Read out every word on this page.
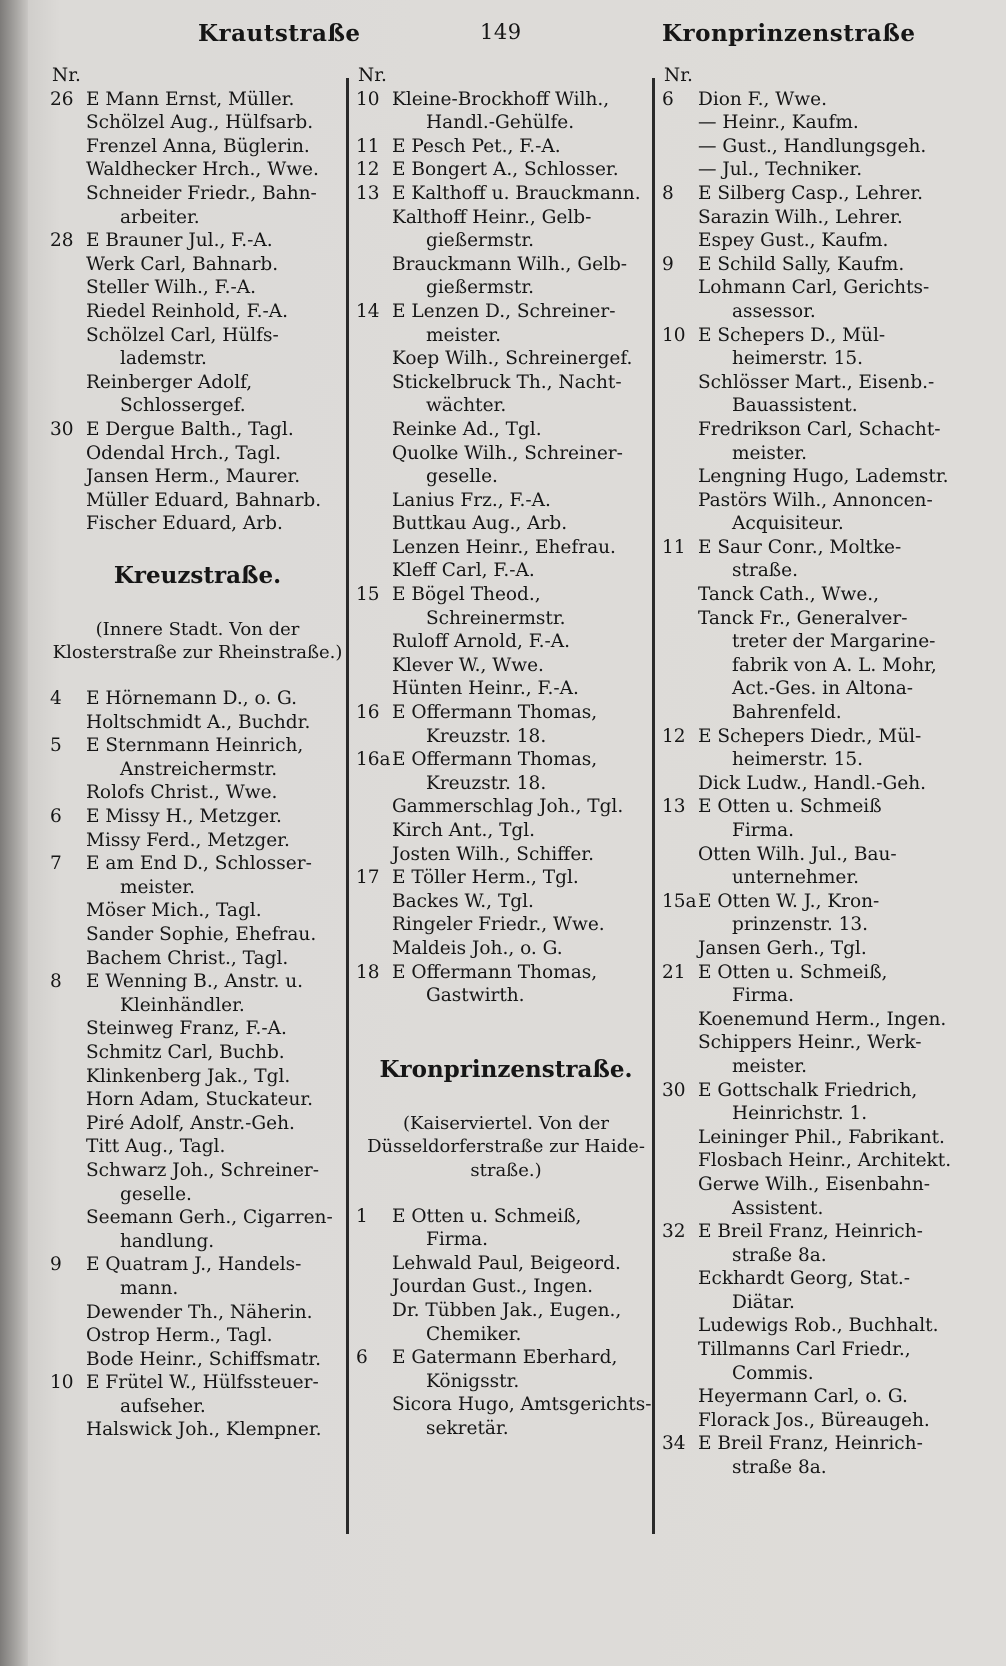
Krautstraße	149	Kronprinzenstraße
Nr.
26 E Mann Ernst, Müller.
Schölzel Aug., Hülfsarb.
Frenzel Anna, Büglerin.
Waldhecker Hrch., Wwe.
Schneider Friedr., Bahn-
arbeiter.
28 E Brauner Jul., F.-A.
Werk Carl, Bahnarb.
Steller Wilh., F.-A.
Riedel Reinhold, F.-A.
Schölzel Carl, Hülfs-
lademstr.
Reinberger Adolf,
Schlossergef.
30 E Dergue Balth., Tagl.
Odendal Hrch., Tagl.
Jansen Herm., Maurer.
Müller Eduard, Bahnarb.
Fischer Eduard, Arb.
Kreuzstraße.
(Innere Stadt. Von der
Klosterstraße zur Rheinstraße.)
4 E Hörnemann D., o. G.
Holtschmidt A., Buchdr.
5 E Sternmann Heinrich,
Anstreichermstr.
Rolofs Christ., Wwe.
6 E Missy H., Metzger.
Missy Ferd., Metzger.
7 E am End D., Schlosser-
meister.
Möser Mich., Tagl.
Sander Sophie, Ehefrau.
Bachem Christ., Tagl.
8 E Wenning B., Anstr. u.
Kleinhändler.
Steinweg Franz, F.-A.
Schmitz Carl, Buchb.
Klinkenberg Jak., Tgl.
Horn Adam, Stuckateur.
Piré Adolf, Anstr.-Geh.
Titt Aug., Tagl.
Schwarz Joh., Schreiner-
geselle.
Seemann Gerh., Cigarren-
handlung.
9 E Quatram J., Handels-
mann.
Dewender Th., Näherin.
Ostrop Herm., Tagl.
Bode Heinr., Schiffsmatr.
10 E Frütel W., Hülfssteuer-
aufseher.
Halswick Joh., Klempner.
Nr.
10 Kleine-Brockhoff Wilh.,
Handl.-Gehülfe.
11 E Pesch Pet., F.-A.
12 E Bongert A., Schlosser.
13 E Kalthoff u. Brauckmann.
Kalthoff Heinr., Gelb-
gießermstr.
Brauckmann Wilh., Gelb-
gießermstr.
14 E Lenzen D., Schreiner-
meister.
Koep Wilh., Schreinergef.
Stickelbruck Th., Nacht-
wächter.
Reinke Ad., Tgl.
Quolke Wilh., Schreiner-
geselle.
Lanius Frz., F.-A.
Buttkau Aug., Arb.
Lenzen Heinr., Ehefrau.
Kleff Carl, F.-A.
15 E Bögel Theod.,
Schreinermstr.
Ruloff Arnold, F.-A.
Klever W., Wwe.
Hünten Heinr., F.-A.
16 E Offermann Thomas,
Kreuzstr. 18.
16aE Offermann Thomas,
Kreuzstr. 18.
Gammerschlag Joh., Tgl.
Kirch Ant., Tgl.
Josten Wilh., Schiffer.
17 E Töller Herm., Tgl.
Backes W., Tgl.
Ringeler Friedr., Wwe.
Maldeis Joh., o. G.
18 E Offermann Thomas,
Gastwirth.
Kronprinzenstraße.
(Kaiserviertel. Von der
Düsseldorferstraße zur Haide-
straße.)
1 E Otten u. Schmeiß,
Firma.
Lehwald Paul, Beigeord.
Jourdan Gust., Ingen.
Dr. Tübben Jak., Eugen.,
Chemiker.
6 E Gatermann Eberhard,
Königsstr.
Sicora Hugo, Amtsgerichts-
sekretär.
Nr.
6 Dion F., Wwe.
— Heinr., Kaufm.
— Gust., Handlungsgeh.
— Jul., Techniker.
8 E Silberg Casp., Lehrer.
Sarazin Wilh., Lehrer.
Espey Gust., Kaufm.
9 E Schild Sally, Kaufm.
Lohmann Carl, Gerichts-
assessor.
10 E Schepers D., Mül-
heimerstr. 15.
Schlösser Mart., Eisenb.-
Bauassistent.
Fredrikson Carl, Schacht-
meister.
Lengning Hugo, Lademstr.
Pastörs Wilh., Annoncen-
Acquisiteur.
11 E Saur Conr., Moltke-
straße.
Tanck Cath., Wwe.,
Tanck Fr., Generalver-
treter der Margarine-
fabrik von A. L. Mohr,
Act.-Ges. in Altona-
Bahrenfeld.
12 E Schepers Diedr., Mül-
heimerstr. 15.
Dick Ludw., Handl.-Geh.
13 E Otten u. Schmeiß
Firma.
Otten Wilh. Jul., Bau-
unternehmer.
15aE Otten W. J., Kron-
prinzenstr. 13.
Jansen Gerh., Tgl.
21 E Otten u. Schmeiß,
Firma.
Koenemund Herm., Ingen.
Schippers Heinr., Werk-
meister.
30 E Gottschalk Friedrich,
Heinrichstr. 1.
Leininger Phil., Fabrikant.
Flosbach Heinr., Architekt.
Gerwe Wilh., Eisenbahn-
Assistent.
32 E Breil Franz, Heinrich-
straße 8a.
Eckhardt Georg, Stat.-
Diätar.
Ludewigs Rob., Buchhalt.
Tillmanns Carl Friedr.,
Commis.
Heyermann Carl, o. G.
Florack Jos., Büreaugeh.
34 E Breil Franz, Heinrich-
straße 8a.
